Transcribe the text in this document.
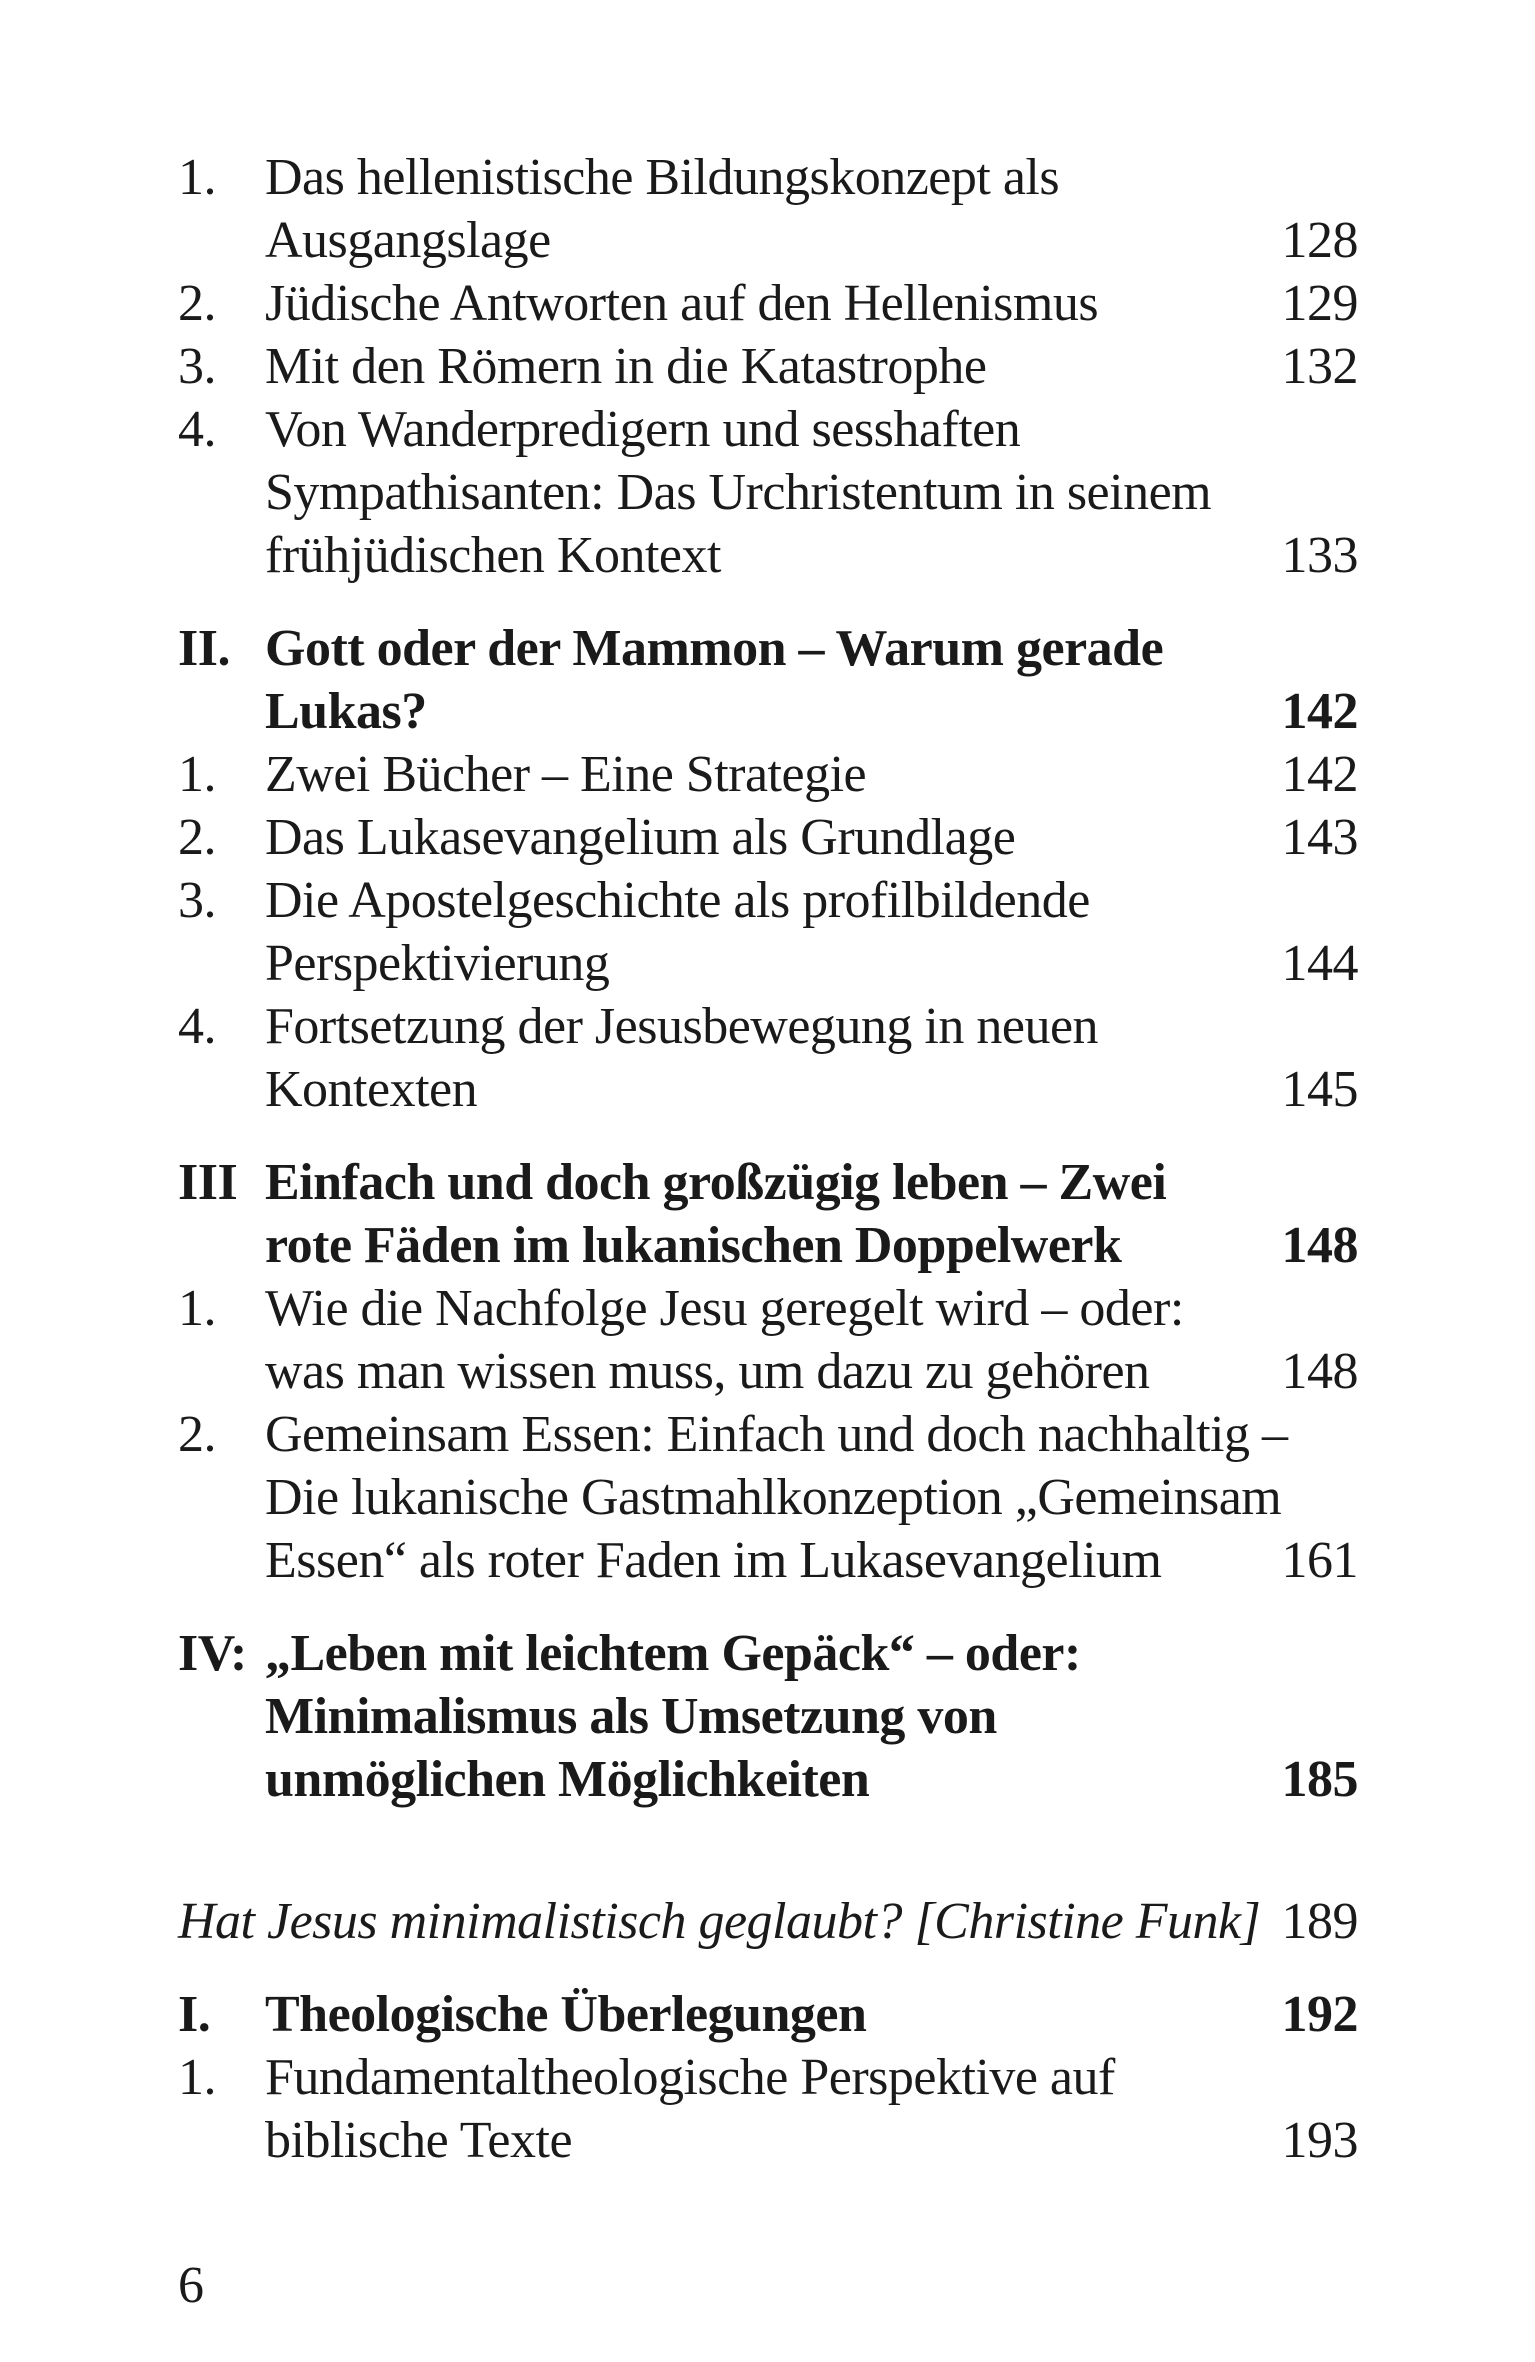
1. Das hellenistische Bildungskonzept als
Ausgangslage	128
2. Jüdische Antworten auf den Hellenismus	129
3. Mit den Römern in die Katastrophe	132
4. Von Wanderpredigern und sesshaften
Sympathisanten: Das Urchristentum in seinem
frühjüdischen Kontext	133
II. Gott oder der Mammon – Warum gerade
Lukas?	142
1. Zwei Bücher – Eine Strategie	142
2. Das Lukasevangelium als Grundlage	143
3. Die Apostelgeschichte als profilbildende
Perspektivierung	144
4. Fortsetzung der Jesusbewegung in neuen
Kontexten	145
III Einfach und doch großzügig leben – Zwei
rote Fäden im lukanischen Doppelwerk	148
1. Wie die Nachfolge Jesu geregelt wird – oder:
was man wissen muss, um dazu zu gehören	148
2. Gemeinsam Essen: Einfach und doch nachhaltig –
Die lukanische Gastmahlkonzeption „Gemeinsam
Essen“ als roter Faden im Lukasevangelium	161
IV: „Leben mit leichtem Gepäck“ – oder:
Minimalismus als Umsetzung von
unmöglichen Möglichkeiten	185
Hat Jesus minimalistisch geglaubt? [Christine Funk] 189
I.	Theologische Überlegungen	192
1. Fundamentaltheologische Perspektive auf
biblische Texte	193
6
